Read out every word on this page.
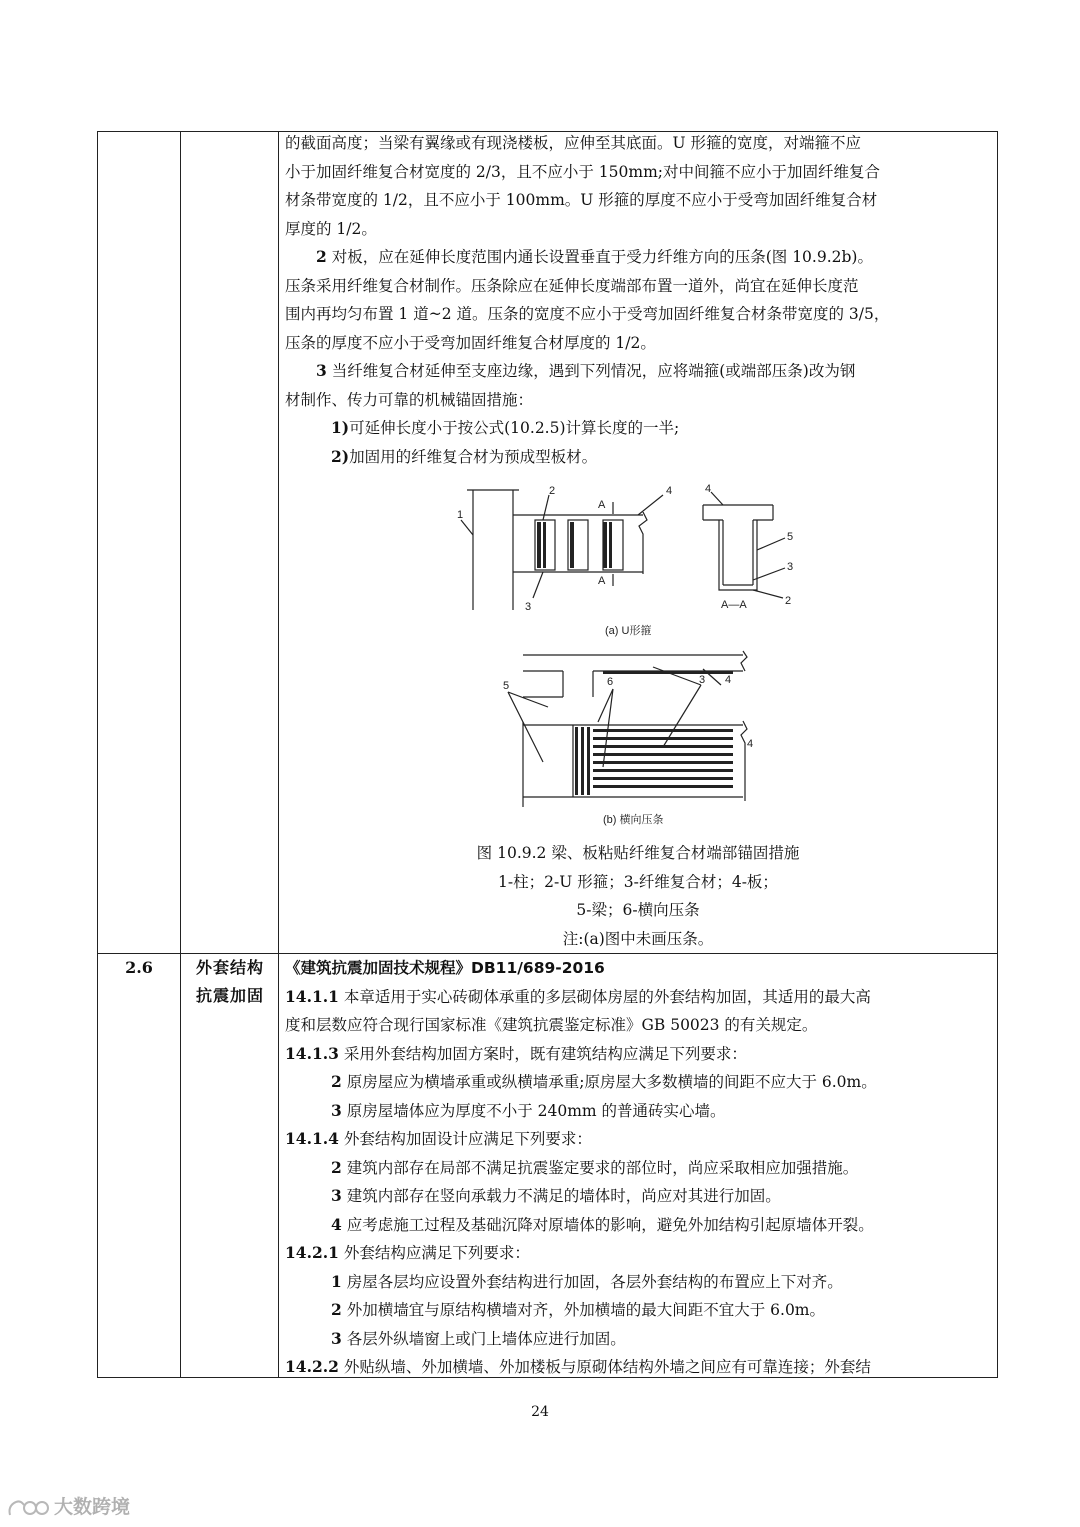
的截面高度；当梁有翼缘或有现浇楼板，应伸至其底面。U 形箍的宽度，对端箍不应

小于加固纤维复合材宽度的 2/3，且不应小于 150mm;对中间箍不应小于加固纤维复合

材条带宽度的 1/2，且不应小于 100mm。U 形箍的厚度不应小于受弯加固纤维复合材

厚度的 1/2。

2 对板，应在延伸长度范围内通长设置垂直于受力纤维方向的压条(图 10.9.2b)。

压条采用纤维复合材制作。压条除应在延伸长度端部布置一道外，尚宜在延伸长度范

围内再均匀布置 1 道~2 道。压条的宽度不应小于受弯加固纤维复合材条带宽度的 3/5，

压条的厚度不应小于受弯加固纤维复合材厚度的 1/2。

3 当纤维复合材延伸至支座边缘，遇到下列情况，应将端箍(或端部压条)改为钢

材制作、传力可靠的机械锚固措施：

1)可延伸长度小于按公式(10.2.5)计算长度的一半;

2)加固用的纤维复合材为预成型板材。

1
2
A
4
A
3
4
5
3
2
A—A
(a) U形箍
5	6	3 4
4
(b) 横向压条

图 10.9.2 梁、板粘贴纤维复合材端部锚固措施

1-柱；2-U 形箍；3-纤维复合材；4-板；

5-梁；6-横向压条

注:(a)图中未画压条。

2.6	外套结构
抗震加固

《建筑抗震加固技术规程》DB11/689-2016

14.1.1 本章适用于实心砖砌体承重的多层砌体房屋的外套结构加固，其适用的最大高

度和层数应符合现行国家标准《建筑抗震鉴定标准》GB 50023 的有关规定。

14.1.3 采用外套结构加固方案时，既有建筑结构应满足下列要求：

2 原房屋应为横墙承重或纵横墙承重;原房屋大多数横墙的间距不应大于 6.0m。

3 原房屋墙体应为厚度不小于 240mm 的普通砖实心墙。

14.1.4 外套结构加固设计应满足下列要求：

2 建筑内部存在局部不满足抗震鉴定要求的部位时，尚应采取相应加强措施。

3 建筑内部存在竖向承载力不满足的墙体时，尚应对其进行加固。

4 应考虑施工过程及基础沉降对原墙体的影响，避免外加结构引起原墙体开裂。

14.2.1 外套结构应满足下列要求：

1 房屋各层均应设置外套结构进行加固，各层外套结构的布置应上下对齐。

2 外加横墙宜与原结构横墙对齐，外加横墙的最大间距不宜大于 6.0m。

3 各层外纵墙窗上或门上墙体应进行加固。

14.2.2 外贴纵墙、外加横墙、外加楼板与原砌体结构外墙之间应有可靠连接；外套结

24
大数跨境
